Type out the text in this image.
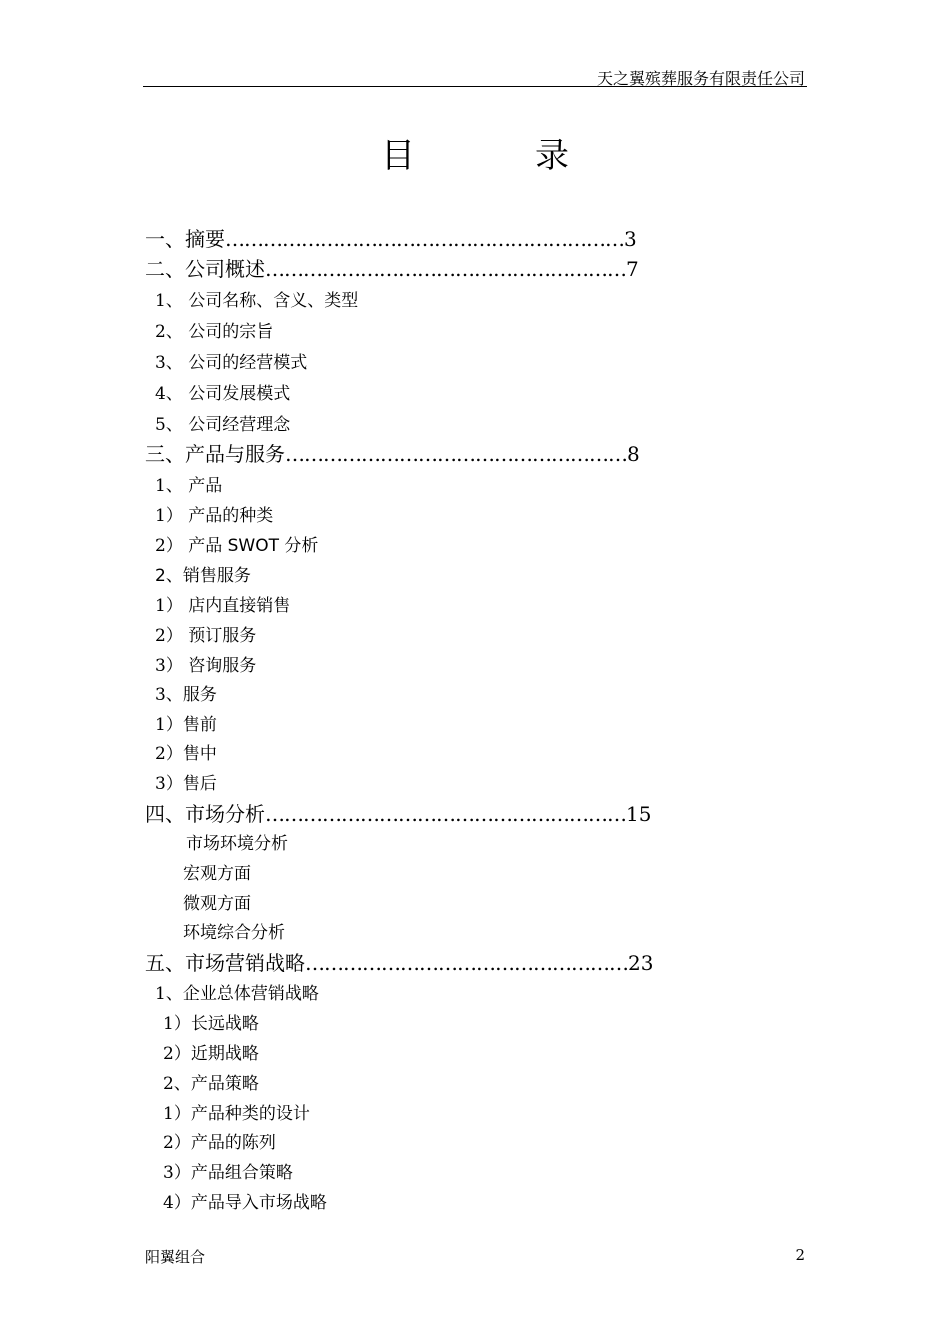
天之翼殡葬服务有限责任公司
目	录
一、摘要………………………………………………………3
二、公司概述…………………………………………………7
1、 公司名称、含义、类型
2、 公司的宗旨
3、 公司的经营模式
4、 公司发展模式
5、 公司经营理念
三、产品与服务………………………………………………8
1、 产品
1） 产品的种类
2） 产品 SWOT 分析
2、销售服务
1） 店内直接销售
2） 预订服务
3） 咨询服务
3、服务
1）售前
2）售中
3）售后
四、市场分析…………………………………………………15
市场环境分析
宏观方面
微观方面
环境综合分析
五、市场营销战略……………………………………………23
1、企业总体营销战略
1）长远战略
2）近期战略
2、产品策略
1）产品种类的设计
2）产品的陈列
3）产品组合策略
4）产品导入市场战略
阳翼组合	2
